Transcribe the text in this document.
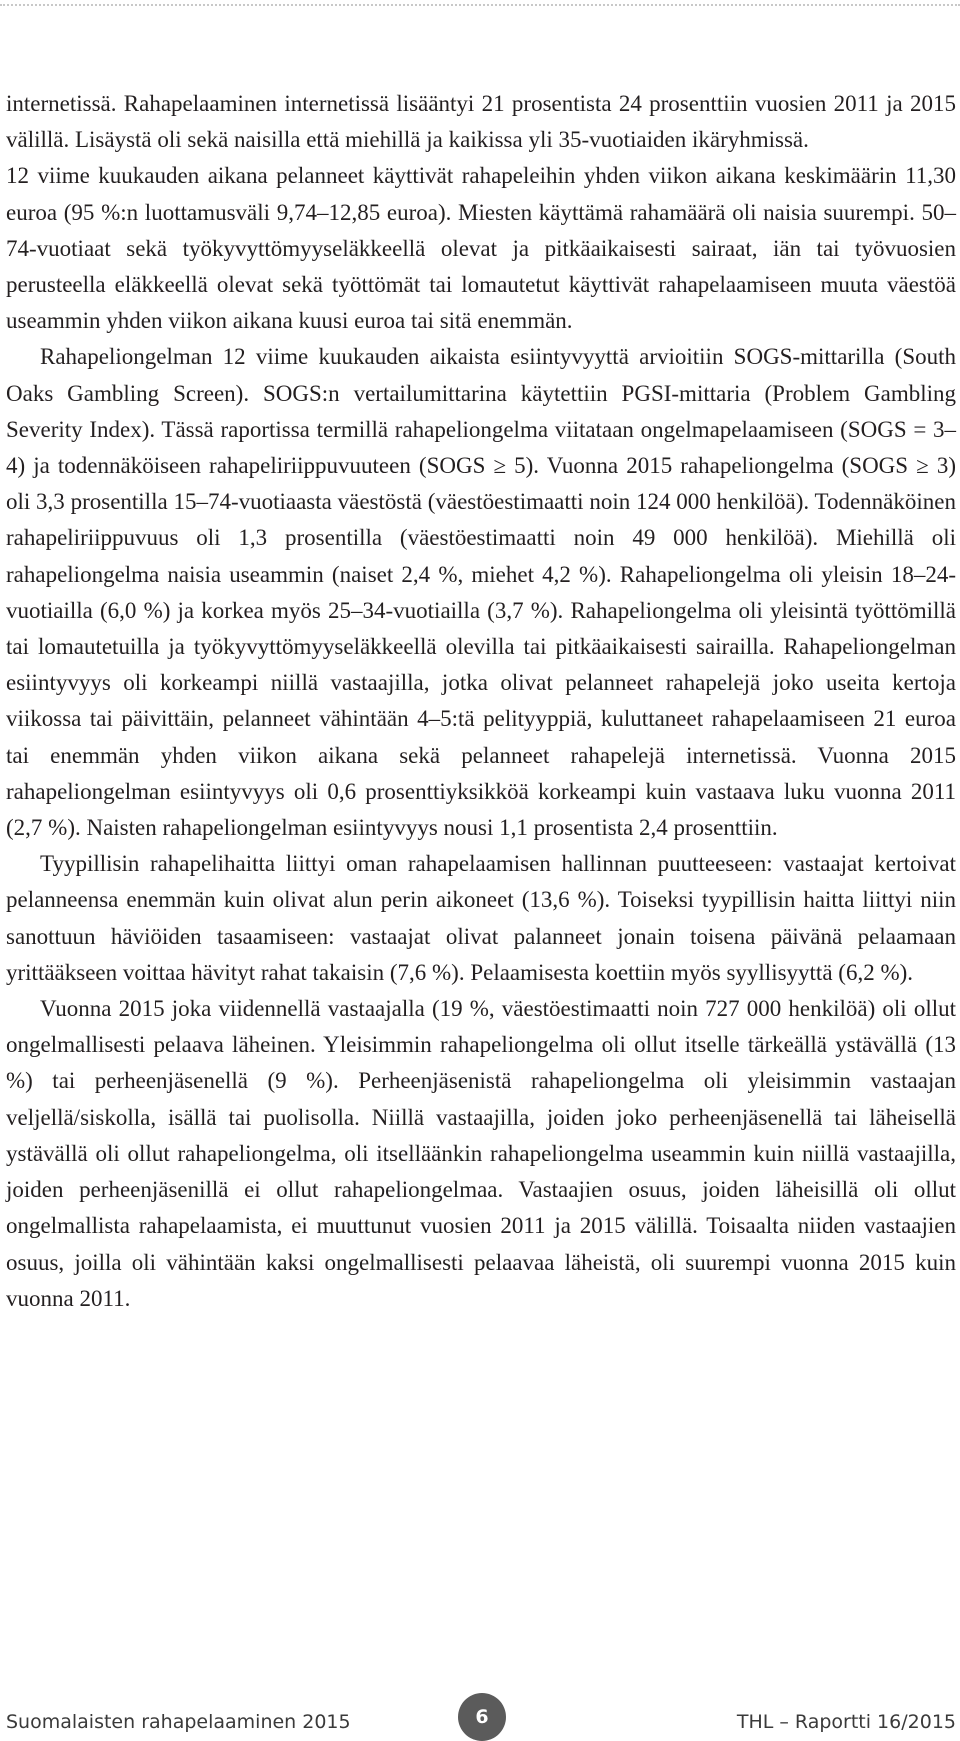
internetissä. Rahapelaaminen internetissä lisääntyi 21 prosentista 24 prosenttiin vuosien 2011 ja 2015 välillä. Lisäystä oli sekä naisilla että miehillä ja kaikissa yli 35-vuotiaiden ikäryhmissä.

12 viime kuukauden aikana pelanneet käyttivät rahapeleihin yhden viikon aikana keskimäärin 11,30 euroa (95 %:n luottamusväli 9,74–12,85 euroa). Miesten käyttämä rahamäärä oli naisia suurempi. 50–74-vuotiaat sekä työkyvyttömyyseläkkeellä olevat ja pitkäaikaisesti sairaat, iän tai työvuosien perusteella eläkkeellä olevat sekä työttömät tai lomautetut käyttivät rahapelaamiseen muuta väestöä useammin yhden viikon aikana kuusi euroa tai sitä enemmän.

Rahapeliongelman 12 viime kuukauden aikaista esiintyvyyttä arvioitiin SOGS-mittarilla (South Oaks Gambling Screen). SOGS:n vertailumittarina käytettiin PGSI-mittaria (Problem Gambling Severity Index). Tässä raportissa termillä rahapeliongelma viitataan ongelmapelaamiseen (SOGS = 3–4) ja todennäköiseen rahapeliriippuvuuteen (SOGS ≥ 5). Vuonna 2015 rahapeliongelma (SOGS ≥ 3) oli 3,3 prosentilla 15–74-vuotiaasta väestöstä (väestöestimaatti noin 124 000 henkilöä). Todennäköinen rahapeliriippuvuus oli 1,3 prosentilla (väestöestimaatti noin 49 000 henkilöä). Miehillä oli rahapeliongelma naisia useammin (naiset 2,4 %, miehet 4,2 %). Rahapeliongelma oli yleisin 18–24-vuotiailla (6,0 %) ja korkea myös 25–34-vuotiailla (3,7 %). Rahapeliongelma oli yleisintä työttömillä tai lomautetuilla ja työkyvyttömyyseläkkeellä olevilla tai pitkäaikaisesti sairailla. Rahapeliongelman esiintyvyys oli korkeampi niillä vastaajilla, jotka olivat pelanneet rahapelejä joko useita kertoja viikossa tai päivittäin, pelanneet vähintään 4–5:tä pelityyppiä, kuluttaneet rahapelaamiseen 21 euroa tai enemmän yhden viikon aikana sekä pelanneet rahapelejä internetissä. Vuonna 2015 rahapeliongelman esiintyvyys oli 0,6 prosenttiyksikköä korkeampi kuin vastaava luku vuonna 2011 (2,7 %). Naisten rahapeliongelman esiintyvyys nousi 1,1 prosentista 2,4 prosenttiin.

Tyypillisin rahapelihaitta liittyi oman rahapelaamisen hallinnan puutteeseen: vastaajat kertoivat pelanneensa enemmän kuin olivat alun perin aikoneet (13,6 %). Toiseksi tyypillisin haitta liittyi niin sanottuun häviöiden tasaamiseen: vastaajat olivat palanneet jonain toisena päivänä pelaamaan yrittääkseen voittaa hävityt rahat takaisin (7,6 %). Pelaamisesta koettiin myös syyllisyyttä (6,2 %).

Vuonna 2015 joka viidennellä vastaajalla (19 %, väestöestimaatti noin 727 000 henkilöä) oli ollut ongelmallisesti pelaava läheinen. Yleisimmin rahapeliongelma oli ollut itselle tärkeällä ystävällä (13 %) tai perheenjäsenellä (9 %). Perheenjäsenistä rahapeliongelma oli yleisimmin vastaajan veljellä/siskolla, isällä tai puolisolla. Niillä vastaajilla, joiden joko perheenjäsenellä tai läheisellä ystävällä oli ollut rahapeliongelma, oli itselläänkin rahapeliongelma useammin kuin niillä vastaajilla, joiden perheenjäsenillä ei ollut rahapeliongelmaa. Vastaajien osuus, joiden läheisillä oli ollut ongelmallista rahapelaamista, ei muuttunut vuosien 2011 ja 2015 välillä. Toisaalta niiden vastaajien osuus, joilla oli vähintään kaksi ongelmallisesti pelaavaa läheistä, oli suurempi vuonna 2015 kuin vuonna 2011.

Suomalaisten rahapelaaminen 2015	6	THL – Raportti 16/2015
